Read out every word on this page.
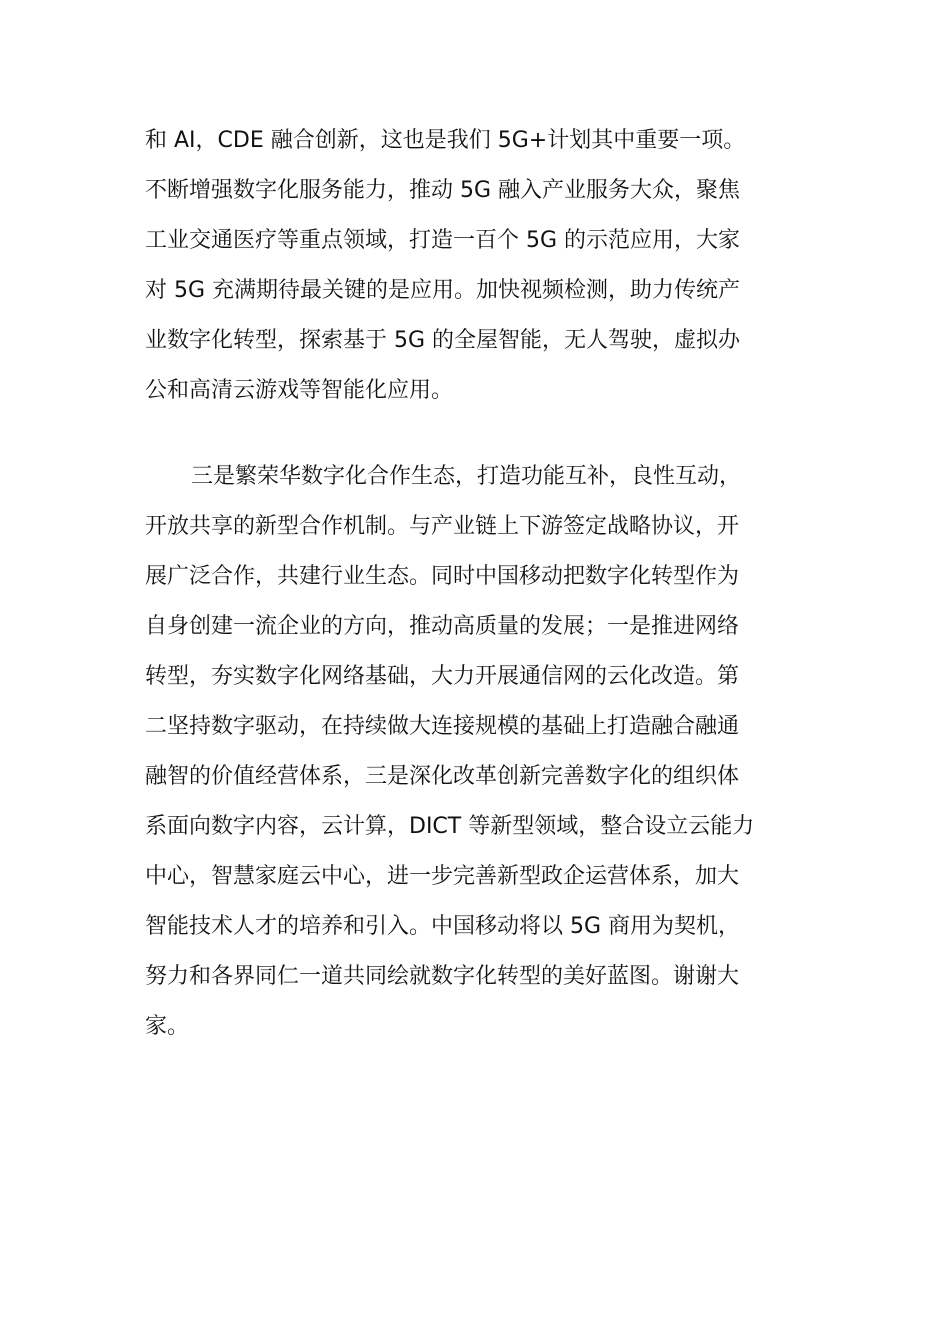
和 AI，CDE 融合创新，这也是我们 5G+计划其中重要一项。
不断增强数字化服务能力，推动 5G 融入产业服务大众，聚焦
工业交通医疗等重点领域，打造一百个 5G 的示范应用，大家
对 5G 充满期待最关键的是应用。加快视频检测，助力传统产
业数字化转型，探索基于 5G 的全屋智能，无人驾驶，虚拟办
公和高清云游戏等智能化应用。
三是繁荣华数字化合作生态，打造功能互补，良性互动，
开放共享的新型合作机制。与产业链上下游签定战略协议，开
展广泛合作，共建行业生态。同时中国移动把数字化转型作为
自身创建一流企业的方向，推动高质量的发展；一是推进网络
转型，夯实数字化网络基础，大力开展通信网的云化改造。第
二坚持数字驱动，在持续做大连接规模的基础上打造融合融通
融智的价值经营体系，三是深化改革创新完善数字化的组织体
系面向数字内容，云计算，DICT 等新型领域，整合设立云能力
中心，智慧家庭云中心，进一步完善新型政企运营体系，加大
智能技术人才的培养和引入。中国移动将以 5G 商用为契机，
努力和各界同仁一道共同绘就数字化转型的美好蓝图。谢谢大
家。
